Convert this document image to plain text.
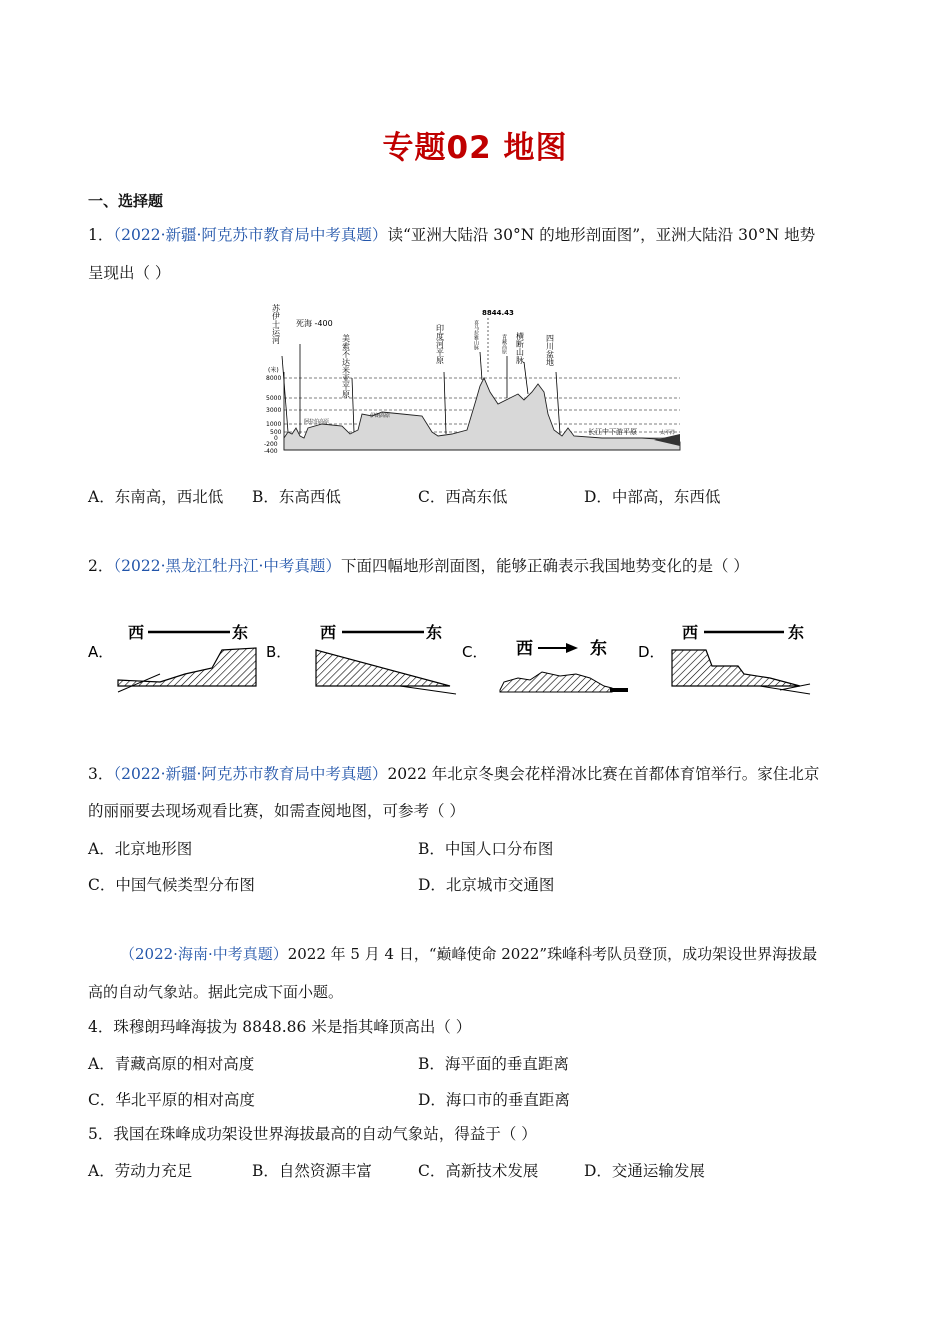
专题02 地图
一、选择题
1．（2022·新疆·阿克苏市教育局中考真题）读“亚洲大陆沿 30°N 的地形剖面图”，亚洲大陆沿 30°N 地势
呈现出（ ）
(米)
8000
5000
3000
1000
500
0
-200
-400
苏伊士运河 死海 -400
美索不达米亚平原	印度河平原	喜马拉雅山脉	青藏高原 横断山脉	四川盆地
8844.43
伊朗高原
阿拉伯高原
长江中下游平原	太平洋
A．东南高，西北低 B．东高西低	C．西高东低	D．中部高，东西低
2．（2022·黑龙江牡丹江·中考真题）下面四幅地形剖面图，能够正确表示我国地势变化的是（ ）
A．
西	东
B．
西	东
C． 西	东 D．
西	东
3．（2022·新疆·阿克苏市教育局中考真题）2022 年北京冬奥会花样滑冰比赛在首都体育馆举行。家住北京
的丽丽要去现场观看比赛，如需查阅地图，可参考（ ）
A．北京地形图	B．中国人口分布图
C．中国气候类型分布图	D．北京城市交通图
（2022·海南·中考真题）2022 年 5 月 4 日，“巅峰使命 2022”珠峰科考队员登顶，成功架设世界海拔最
高的自动气象站。据此完成下面小题。
4．珠穆朗玛峰海拔为 8848.86 米是指其峰顶高出（ ）
A．青藏高原的相对高度	B．海平面的垂直距离
C．华北平原的相对高度	D．海口市的垂直距离
5．我国在珠峰成功架设世界海拔最高的自动气象站，得益于（ ）
A．劳动力充足	B．自然资源丰富	C．高新技术发展	D．交通运输发展
